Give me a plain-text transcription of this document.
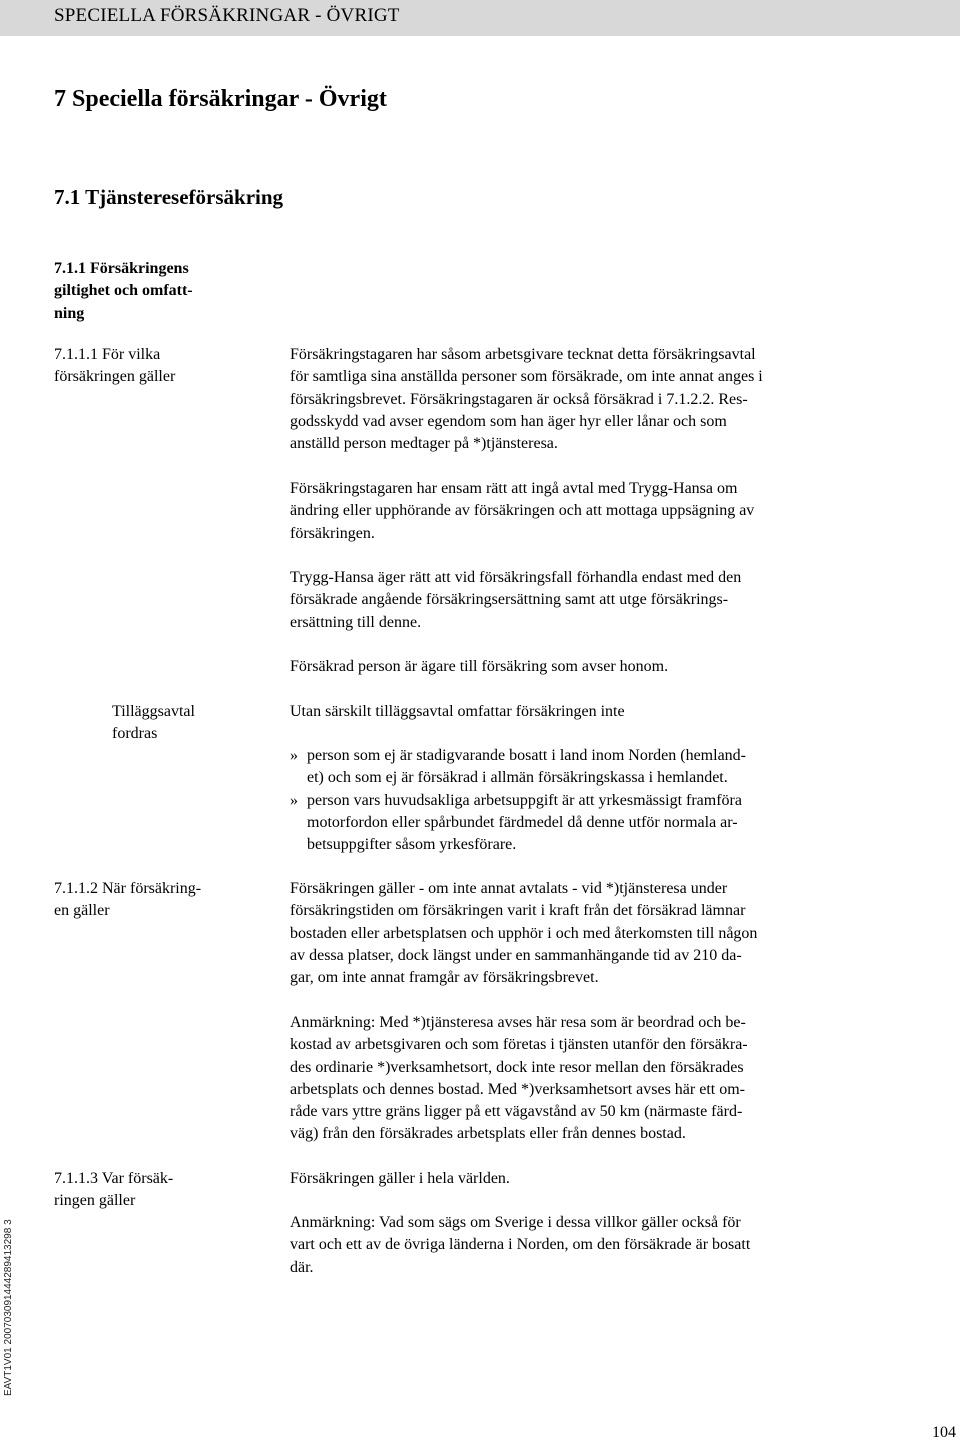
SPECIELLA FÖRSÄKRINGAR - ÖVRIGT
7 Speciella försäkringar - Övrigt
7.1 Tjänstereseförsäkring
7.1.1 Försäkringens
giltighet och omfatt-
ning
7.1.1.1 För vilka
försäkringen gäller
Försäkringstagaren har såsom arbetsgivare tecknat detta försäkringsavtal
för samtliga sina anställda personer som försäkrade, om inte annat anges i
försäkringsbrevet. Försäkringstagaren är också försäkrad i 7.1.2.2. Res-
godsskydd vad avser egendom som han äger hyr eller lånar och som
anställd person medtager på *)tjänsteresa.
Försäkringstagaren har ensam rätt att ingå avtal med Trygg-Hansa om
ändring eller upphörande av försäkringen och att mottaga uppsägning av
försäkringen.
Trygg-Hansa äger rätt att vid försäkringsfall förhandla endast med den
försäkrade angående försäkringsersättning samt att utge försäkrings-
ersättning till denne.
Försäkrad person är ägare till försäkring som avser honom.
Tilläggsavtal
fordras
Utan särskilt tilläggsavtal omfattar försäkringen inte
» person som ej är stadigvarande bosatt i land inom Norden (hemland-
et) och som ej är försäkrad i allmän försäkringskassa i hemlandet.
» person vars huvudsakliga arbetsuppgift är att yrkesmässigt framföra
motorfordon eller spårbundet färdmedel då denne utför normala ar-
betsuppgifter såsom yrkesförare.
7.1.1.2 När försäkring-
en gäller
Försäkringen gäller - om inte annat avtalats - vid *)tjänsteresa under
försäkringstiden om försäkringen varit i kraft från det försäkrad lämnar
bostaden eller arbetsplatsen och upphör i och med återkomsten till någon
av dessa platser, dock längst under en sammanhängande tid av 210 da-
gar, om inte annat framgår av försäkringsbrevet.
Anmärkning: Med *)tjänsteresa avses här resa som är beordrad och be-
kostad av arbetsgivaren och som företas i tjänsten utanför den försäkra-
des ordinarie *)verksamhetsort, dock inte resor mellan den försäkrades
arbetsplats och dennes bostad. Med *)verksamhetsort avses här ett om-
råde vars yttre gräns ligger på ett vägavstånd av 50 km (närmaste färd-
väg) från den försäkrades arbetsplats eller från dennes bostad.
7.1.1.3 Var försäk-
ringen gäller
Försäkringen gäller i hela världen.
Anmärkning: Vad som sägs om Sverige i dessa villkor gäller också för
vart och ett av de övriga länderna i Norden, om den försäkrade är bosatt
där.
EAVT1V01 200703091444289413298 3
104
